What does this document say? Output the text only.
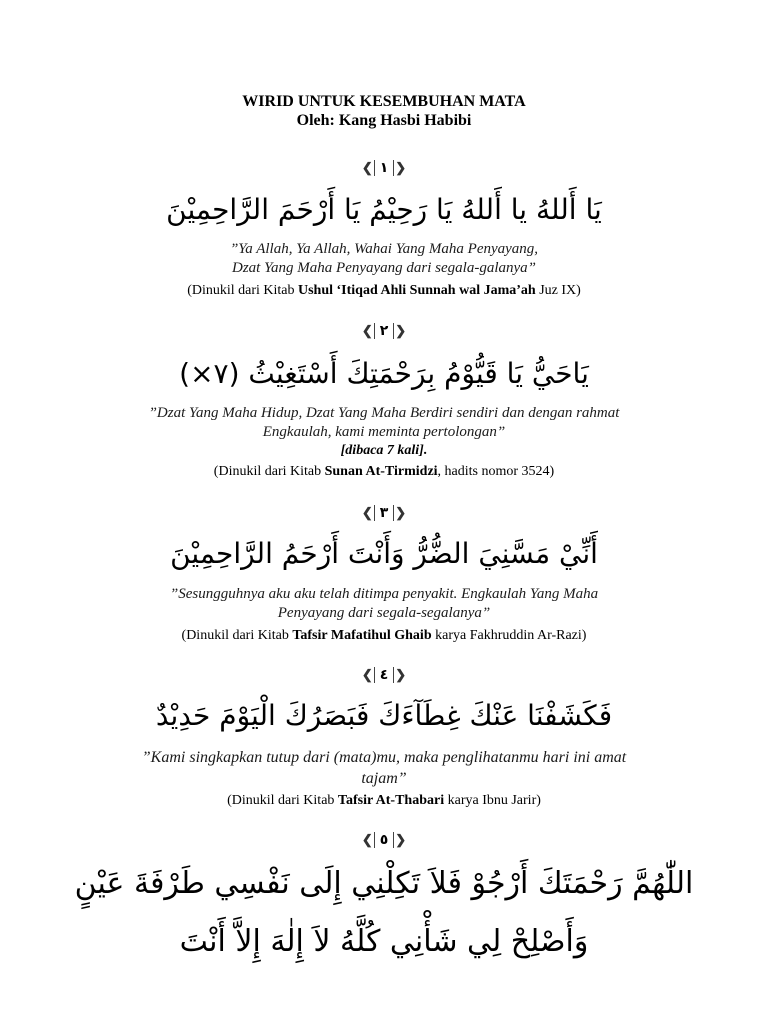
WIRID UNTUK KESEMBUHAN MATA
Oleh: Kang Hasbi Habibi
❮ ١ ❯
يَا أَللهُ يا أَللهُ يَا رَحِيْمُ يَا أَرْحَمَ الرَّاحِمِيْنَ
”Ya Allah, Ya Allah, Wahai Yang Maha Penyayang,
Dzat Yang Maha Penyayang dari segala-galanya”
(Dinukil dari Kitab Ushul ‘Itiqad Ahli Sunnah wal Jama’ah Juz IX)
❮ ٢ ❯
يَاحَيُّ يَا قَيُّوْمُ بِرَحْمَتِكَ أَسْتَغِيْثُ (٧×)
”Dzat Yang Maha Hidup, Dzat Yang Maha Berdiri sendiri dan dengan rahmat
Engkaulah, kami meminta pertolongan”
[dibaca 7 kali].
(Dinukil dari Kitab Sunan At-Tirmidzi, hadits nomor 3524)
❮ ٣ ❯
أَنِّيْ مَسَّنِيَ الضُّرُّ وَأَنْتَ أَرْحَمُ الرَّاحِمِيْنَ
”Sesungguhnya aku aku telah ditimpa penyakit. Engkaulah Yang Maha
Penyayang dari segala-segalanya”
(Dinukil dari Kitab Tafsir Mafatihul Ghaib karya Fakhruddin Ar-Razi)
❮ ٤ ❯
فَكَشَفْنَا عَنْكَ غِطَآءَكَ فَبَصَرُكَ الْيَوْمَ حَدِيْدٌ
”Kami singkapkan tutup dari (mata)mu, maka penglihatanmu hari ini amat
tajam”
(Dinukil dari Kitab Tafsir At-Thabari karya Ibnu Jarir)
❮ ٥ ❯
اللّٰهُمَّ رَحْمَتَكَ أَرْجُوْ فَلاَ تَكِلْنِي إِلَى نَفْسِي طَرْفَةَ عَيْنٍ
وَأَصْلِحْ لِي شَأْنِي كُلَّهُ لاَ إِلٰهَ إِلاَّ أَنْتَ
